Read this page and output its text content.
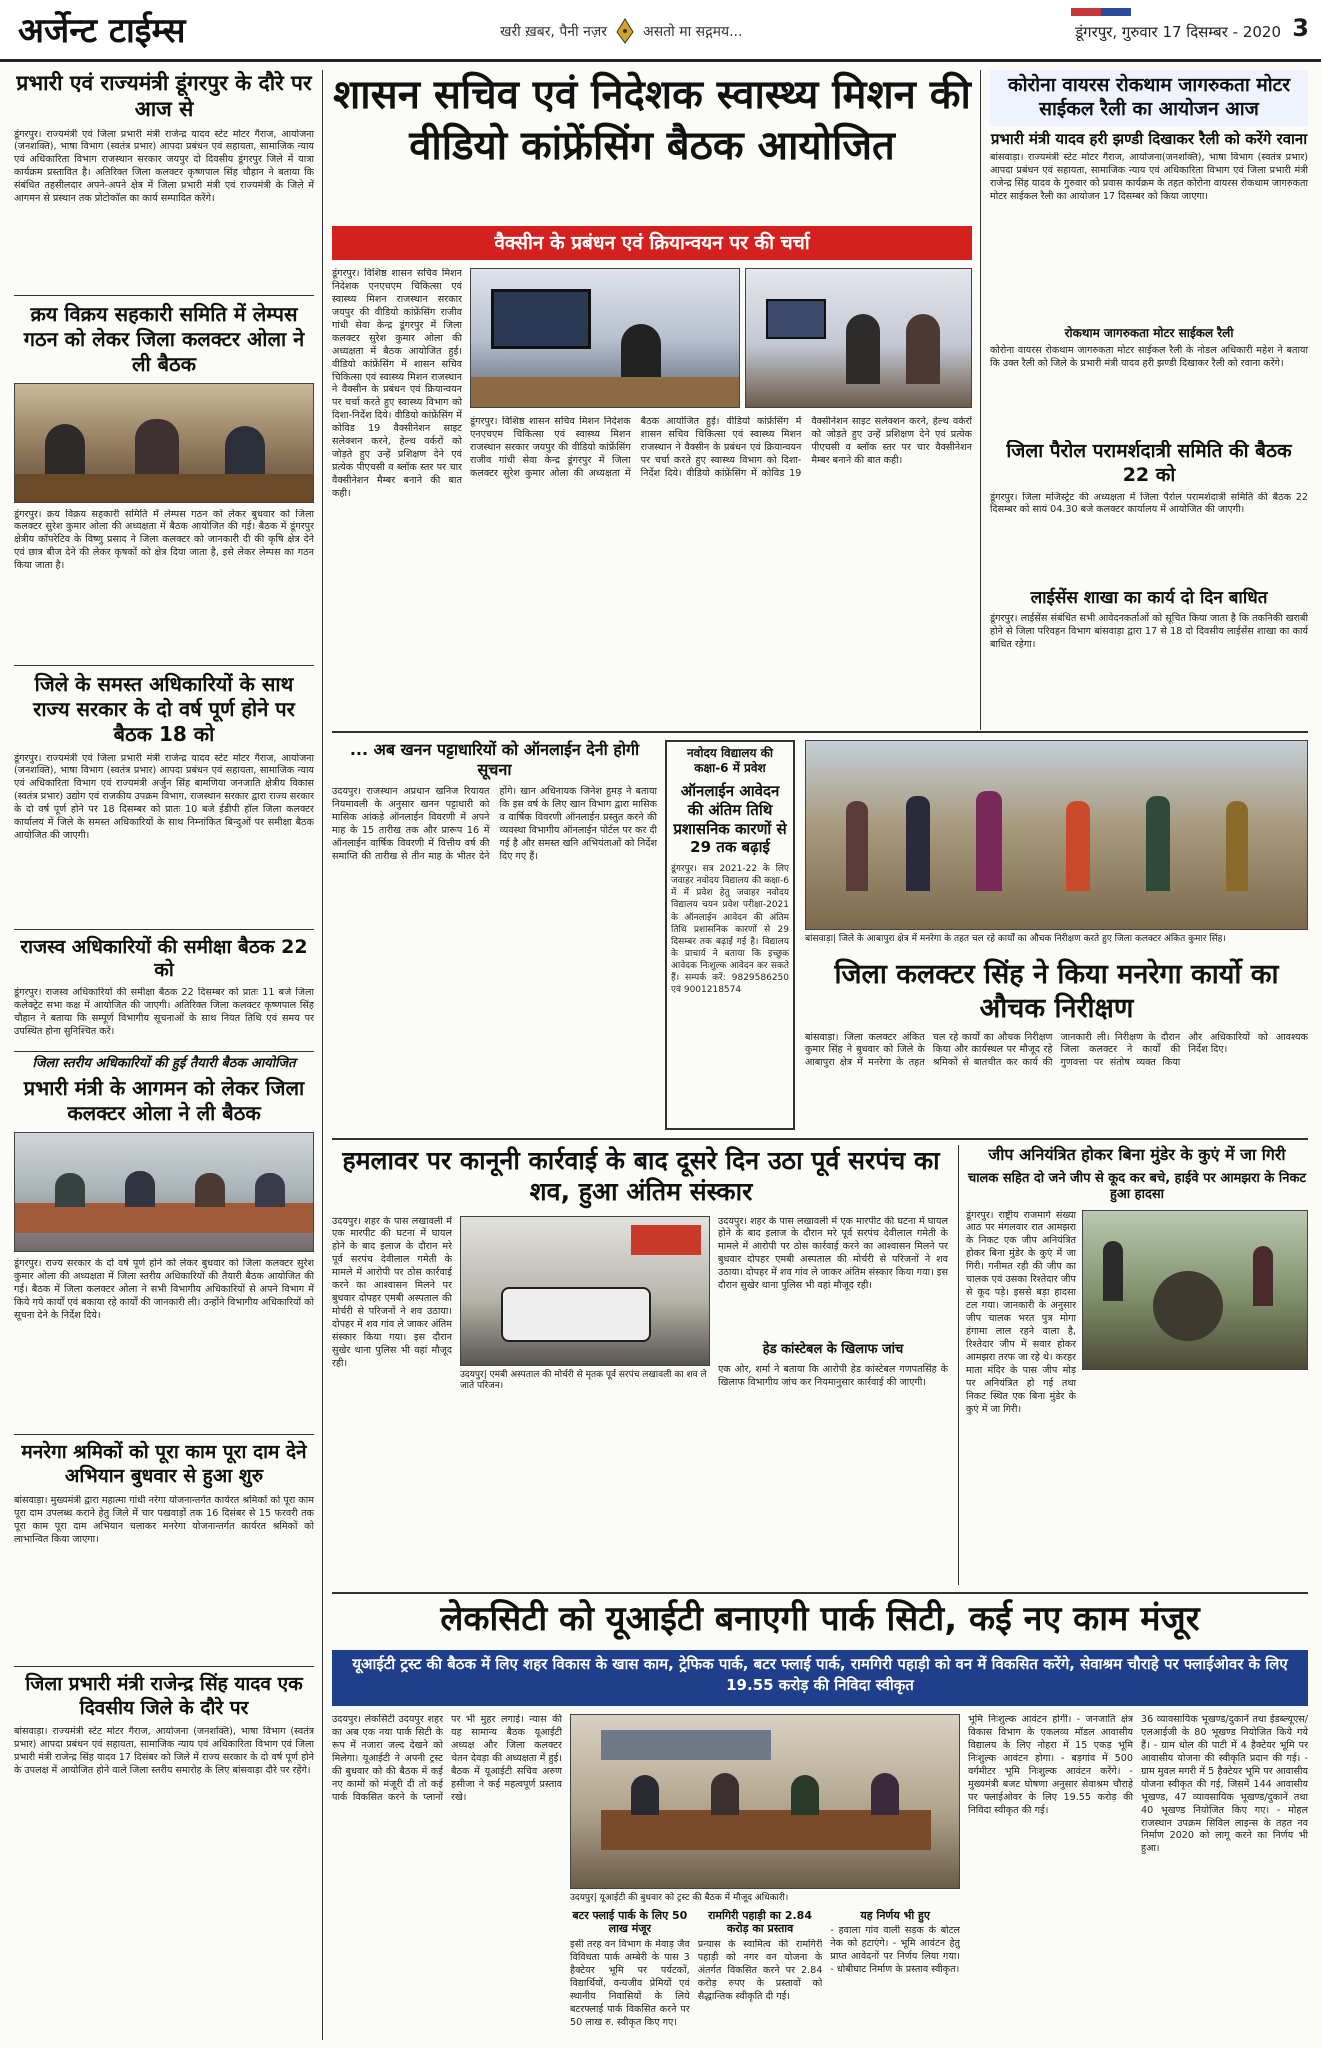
अर्जेन्ट टाईम्स	खरी ख़बर, पैनी नज़र	असतो मा सद्गमय...	डूंगरपुर, गुरुवार 17 दिसम्बर - 2020 3
प्रभारी एवं राज्यमंत्री डूंगरपुर के दौरे पर आज से
डूंगरपुर। राज्यमंत्री एवं जिला प्रभारी मंत्री राजेन्द्र यादव स्टेट मोटर गैराज, आयोजना (जनशक्ति), भाषा विभाग (स्वतंत्र प्रभार) आपदा प्रबंधन एवं सहायता, सामाजिक न्याय एवं अधिकारिता विभाग राजस्थान सरकार जयपुर दो दिवसीय डूंगरपुर जिले में यात्रा कार्यक्रम प्रस्तावित है। अतिरिक्त जिला कलक्टर कृष्णपाल सिंह चौहान ने बताया कि संबंधित तहसीलदार अपने-अपने क्षेत्र में जिला प्रभारी मंत्री एवं राज्यमंत्री के जिले में आगमन से प्रस्थान तक प्रोटोकॉल का कार्य सम्पादित करेंगे।
क्रय विक्रय सहकारी समिति में लेम्पस गठन को लेकर जिला कलक्टर ओला ने ली बैठक
डूंगरपुर। क्रय विक्रय सहकारी समिति में लेम्पस गठन को लेकर बुधवार को जिला कलक्टर सुरेश कुमार ओला की अध्यक्षता में बैठक आयोजित की गई। बैठक में डूंगरपुर क्षेत्रीय कॉपरेटिव के विष्णु प्रसाद ने जिला कलक्टर को जानकारी दी की कृषि क्षेत्र देने एवं छात्र बीज देने की लेकर कृषकों को क्षेत्र दिया जाता है, इसे लेकर लेम्पस का गठन किया जाता है।
जिले के समस्त अधिकारियों के साथ राज्य सरकार के दो वर्ष पूर्ण होने पर बैठक 18 को
डूंगरपुर। राज्यमंत्री एवं जिला प्रभारी मंत्री राजेन्द्र यादव स्टेट मोटर गैराज, आयोजना (जनशक्ति), भाषा विभाग (स्वतंत्र प्रभार) आपदा प्रबंधन एवं सहायता, सामाजिक न्याय एवं अधिकारिता विभाग एवं राज्यमंत्री अर्जुन सिंह बामणिया जनजाति क्षेत्रीय विकास (स्वतंत्र प्रभार) उद्योग एवं राजकीय उपक्रम विभाग, राजस्थान सरकार द्वारा राज्य सरकार के दो वर्ष पूर्ण होने पर 18 दिसम्बर को प्रातः 10 बजे ईडीपी हॉल जिला कलक्टर कार्यालय में जिले के समस्त अधिकारियों के साथ निम्नांकित बिन्दुओं पर समीक्षा बैठक आयोजित की जाएगी।
राजस्व अधिकारियों की समीक्षा बैठक 22 को
डूंगरपुर। राजस्व अधिकारियों की समीक्षा बैठक 22 दिसम्बर को प्रातः 11 बजे जिला कलेक्ट्रेट सभा कक्ष में आयोजित की जाएगी। अतिरिक्त जिला कलक्टर कृष्णपाल सिंह चौहान ने बताया कि सम्पूर्ण विभागीय सूचनाओं के साथ नियत तिथि एवं समय पर उपस्थित होना सुनिश्चित करें।
जिला स्तरीय अधिकारियों की हुई तैयारी बैठक आयोजित
प्रभारी मंत्री के आगमन को लेकर जिला कलक्टर ओला ने ली बैठक
डूंगरपुर। राज्य सरकार के दो वर्ष पूर्ण होने को लेकर बुधवार को जिला कलक्टर सुरेश कुमार ओला की अध्यक्षता में जिला स्तरीय अधिकारियों की तैयारी बैठक आयोजित की गई। बैठक में जिला कलक्टर ओला ने सभी विभागीय अधिकारियों से अपने विभाग में किये गये कार्यों एवं बकाया रहे कार्यों की जानकारी ली। उन्होंने विभागीय अधिकारियों को सूचना देने के निर्देश दिये।
मनरेगा श्रमिकों को पूरा काम पूरा दाम देने अभियान बुधवार से हुआ शुरु
बांसवाड़ा। मुख्यमंत्री द्वारा महात्मा गांधी नरेगा योजनान्तर्गत कार्यरत श्रमिकों को पूरा काम पूरा दाम उपलब्ध कराने हेतु जिले में चार पखवाड़ों तक 16 दिसंबर से 15 फरवरी तक पूरा काम पूरा दाम अभियान चलाकर मनरेगा योजनान्तर्गत कार्यरत श्रमिकों को लाभान्वित किया जाएगा।
जिला प्रभारी मंत्री राजेन्द्र सिंह यादव एक दिवसीय जिले के दौरे पर
बांसवाड़ा। राज्यमंत्री स्टेट मोटर गैराज, आयोजना (जनशक्ति), भाषा विभाग (स्वतंत्र प्रभार) आपदा प्रबंधन एवं सहायता, सामाजिक न्याय एवं अधिकारिता विभाग एवं जिला प्रभारी मंत्री राजेन्द्र सिंह यादव 17 दिसंबर को जिले में राज्य सरकार के दो वर्ष पूर्ण होने के उपलक्ष में आयोजित होने वाले जिला स्तरीय समारोह के लिए बांसवाड़ा दौरे पर रहेंगे।
शासन सचिव एवं निदेशक स्वास्थ्य मिशन की वीडियो कांफ्रेंसिंग बैठक आयोजित
वैक्सीन के प्रबंधन एवं क्रियान्वयन पर की चर्चा
डूंगरपुर। विशिष्ठ शासन सचिव मिशन निदेशक एनएचएम चिकित्सा एवं स्वास्थ्य मिशन राजस्थान सरकार जयपुर की वीडियो कांफ्रेंसिंग राजीव गांधी सेवा केन्द्र डूंगरपुर में जिला कलक्टर सुरेश कुमार ओला की अध्यक्षता में बैठक आयोजित हुई। वीडियो कांफ्रेंसिंग में शासन सचिव चिकित्सा एवं स्वास्थ्य मिशन राजस्थान ने वैक्सीन के प्रबंधन एवं क्रियान्वयन पर चर्चा करते हुए स्वास्थ्य विभाग को दिशा-निर्देश दिये। वीडियो कांफ्रेंसिंग में कोविड 19 वैक्सीनेशन साइट सलेक्शन करने, हेल्थ वर्करों को जोड़ते हुए उन्हें प्रशिक्षण देने एवं प्रत्येक पीएचसी व ब्लॉक स्तर पर चार वैक्सीनेशन मैम्बर बनाने की बात कही।
डूंगरपुर। विशिष्ठ शासन सचिव मिशन निदेशक एनएचएम चिकित्सा एवं स्वास्थ्य मिशन राजस्थान सरकार जयपुर की वीडियो कांफ्रेंसिंग राजीव गांधी सेवा केन्द्र डूंगरपुर में जिला कलक्टर सुरेश कुमार ओला की अध्यक्षता में बैठक आयोजित हुई। वीडियो कांफ्रेंसिंग में शासन सचिव चिकित्सा एवं स्वास्थ्य मिशन राजस्थान ने वैक्सीन के प्रबंधन एवं क्रियान्वयन पर चर्चा करते हुए स्वास्थ्य विभाग को दिशा-निर्देश दिये। वीडियो कांफ्रेंसिंग में कोविड 19 वैक्सीनेशन साइट सलेक्शन करने, हेल्थ वर्करों को जोड़ते हुए उन्हें प्रशिक्षण देने एवं प्रत्येक पीएचसी व ब्लॉक स्तर पर चार वैक्सीनेशन मैम्बर बनाने की बात कही।
कोरोना वायरस रोकथाम जागरुकता मोटर साईकल रैली का आयोजन आज
प्रभारी मंत्री यादव हरी झण्डी दिखाकर रैली को करेंगे रवाना
बांसवाड़ा। राज्यमंत्री स्टेट मोटर गैराज, आयोजना(जनशक्ति), भाषा विभाग (स्वतंत्र प्रभार) आपदा प्रबंधन एवं सहायता, सामाजिक न्याय एवं अधिकारिता विभाग एवं जिला प्रभारी मंत्री राजेन्द्र सिंह यादव के गुरुवार को प्रवास कार्यक्रम के तहत कोरोना वायरस रोकथाम जागरुकता मोटर साईकल रैली का आयोजन 17 दिसम्बर को किया जाएगा।
रोकथाम जागरुकता मोटर साईकल रैली
कोरोना वायरस रोकथाम जागरुकता मोटर साईकल रैली के नोडल अधिकारी महेश ने बताया कि उक्त रैली को जिले के प्रभारी मंत्री यादव हरी झण्डी दिखाकर रैली को रवाना करेंगे।
जिला पैरोल परामर्शदात्री समिति की बैठक 22 को
डूंगरपुर। जिला मजिस्ट्रेट की अध्यक्षता में जिला पैरोल परामर्शदात्री समिति की बैठक 22 दिसम्बर को सायं 04.30 बजे कलक्टर कार्यालय में आयोजित की जाएगी।
लाईसेंस शाखा का कार्य दो दिन बाधित
डूंगरपुर। लाईसेंस संबंधित सभी आवेदनकर्ताओं को सूचित किया जाता है कि तकनिकी खराबी होने से जिला परिवहन विभाग बांसवाड़ा द्वारा 17 से 18 दो दिवसीय लाईसेंस शाखा का कार्य बाधित रहेगा।
... अब खनन पट्टाधारियों को ऑनलाईन देनी होगी सूचना
उदयपुर। राजस्थान अप्रधान खनिज रियायत नियमावली के अनुसार खनन पट्टाधारी को मासिक आंकड़े ऑनलाईन विवरणी में अपने माह के 15 तारीख तक और प्रारूप 16 में ऑनलाईन वार्षिक विवरणी में वित्तीय वर्ष की समाप्ति की तारीख से तीन माह के भीतर देने होंगे। खान अधिनायक जिनेश हुमड़ ने बताया कि इस वर्ष के लिए खान विभाग द्वारा मासिक व वार्षिक विवरणी ऑनलाईन प्रस्तुत करने की व्यवस्था विभागीय ऑनलाईन पोर्टल पर कर दी गई है और समस्त खनि अभियंताओं को निर्देश दिए गए हैं।
नवोदय विद्यालय की कक्षा-6 में प्रवेश
ऑनलाईन आवेदन की अंतिम तिथि प्रशासनिक कारणों से 29 तक बढ़ाई
डूंगरपुर। सत्र 2021-22 के लिए जवाहर नवोदय विद्यालय की कक्षा-6 में में प्रवेश हेतु जवाहर नवोदय विद्यालय चयन प्रवेश परीक्षा-2021 के ऑनलाईन आवेदन की अंतिम तिथि प्रशासनिक कारणों से 29 दिसम्बर तक बढ़ाई गई है। विद्यालय के प्राचार्य ने बताया कि इच्छुक आवेदक निःशुल्क आवेदन कर सकते हैं। सम्पर्क करें: 9829586250 एवं 9001218574
बांसवाड़ा| जिले के आबापुरा क्षेत्र में मनरेगा के तहत चल रहे कार्यों का औचक निरीक्षण करते हुए जिला कलक्टर अंकित कुमार सिंह।
जिला कलक्टर सिंह ने किया मनरेगा कार्यो का औचक निरीक्षण
बांसवाड़ा। जिला कलक्टर अंकित कुमार सिंह ने बुधवार को जिले के आबापुरा क्षेत्र में मनरेगा के तहत चल रहे कार्यों का औचक निरीक्षण किया और कार्यस्थल पर मौजूद रहे श्रमिकों से बातचीत कर कार्य की जानकारी ली। निरीक्षण के दौरान जिला कलक्टर ने कार्यों की गुणवत्ता पर संतोष व्यक्त किया और अधिकारियों को आवश्यक निर्देश दिए।
हमलावर पर कानूनी कार्रवाई के बाद दूसरे दिन उठा पूर्व सरपंच का शव, हुआ अंतिम संस्कार
उदयपुर। शहर के पास लखावली में एक मारपीट की घटना में घायल होने के बाद इलाज के दौरान मरे पूर्व सरपंच देवीलाल गमेती के मामले में आरोपी पर ठोस कार्रवाई करने का आश्वासन मिलने पर बुधवार दोपहर एमबी अस्पताल की मोर्चरी से परिजनों ने शव उठाया। दोपहर में शव गांव ले जाकर अंतिम संस्कार किया गया। इस दौरान सुखेर थाना पुलिस भी वहां मौजूद रही।
उदयपुर| एमबी अस्पताल की मोर्चरी से मृतक पूर्व सरपंच लखावली का शव ले जाते परिजन।
उदयपुर। शहर के पास लखावली में एक मारपीट की घटना में घायल होने के बाद इलाज के दौरान मरे पूर्व सरपंच देवीलाल गमेती के मामले में आरोपी पर ठोस कार्रवाई करने का आश्वासन मिलने पर बुधवार दोपहर एमबी अस्पताल की मोर्चरी से परिजनों ने शव उठाया। दोपहर में शव गांव ले जाकर अंतिम संस्कार किया गया। इस दौरान सुखेर थाना पुलिस भी वहां मौजूद रही।
हेड कांस्टेबल के खिलाफ जांच
एक ओर, शर्मा ने बताया कि आरोपी हेड कांस्टेबल गणपतसिंह के खिलाफ विभागीय जांच कर नियमानुसार कार्रवाई की जाएगी।
जीप अनियंत्रित होकर बिना मुंडेर के कुएं में जा गिरी
चालक सहित दो जने जीप से कूद कर बचे, हाईवे पर आमझरा के निकट हुआ हादसा
डूंगरपुर। राष्ट्रीय राजमार्ग संख्या आठ पर मंगलवार रात आमझरा के निकट एक जीप अनियंत्रित होकर बिना मुंडेर के कुएं में जा गिरी। गनीमत रही की जीप का चालक एवं उसका रिश्तेदार जीप से कूद पड़े। इससे बड़ा हादसा टल गया। जानकारी के अनुसार जीप चालक भरत पुत्र मोगा हंगामा लाल रहने वाला है, रिश्तेदार जीप में सवार होकर आमझरा तरफ जा रहे थे। करहर माता मंदिर के पास जीप मोड़ पर अनियंत्रित हो गई तथा निकट स्थित एक बिना मुंडेर के कुएं में जा गिरी।
लेकसिटी को यूआईटी बनाएगी पार्क सिटी, कई नए काम मंजूर
यूआईटी ट्रस्ट की बैठक में लिए शहर विकास के खास काम, ट्रेफिक पार्क, बटर फ्लाई पार्क, रामगिरी पहाड़ी को वन में विकसित करेंगे, सेवाश्रम चौराहे पर फ्लाईओवर के लिए 19.55 करोड़ की निविदा स्वीकृत
उदयपुर। लेकसिटी उदयपुर शहर का अब एक नया पार्क सिटी के रूप में नजारा जल्द देखने को मिलेगा। यूआईटी ने अपनी ट्रस्ट की बुधवार को की बैठक में कई नए कामों को मंजूरी दी तो कई पार्क विकसित करने के प्लानों पर भी मुहर लगाई। न्यास की यह सामान्य बैठक यूआईटी अध्यक्ष और जिला कलक्टर चेतन देवड़ा की अध्यक्षता में हुई। बैठक में यूआईटी सचिव अरुण हसीजा ने कई महत्वपूर्ण प्रस्ताव रखे।
उदयपुर| यूआईटी की बुधवार को ट्रस्ट की बैठक में मौजूद अधिकारी।
बटर फ्लाई पार्क के लिए 50 लाख मंजूर
इसी तरह वन विभाग के मेवाड़ जैव विविधता पार्क अम्बेरी के पास 3 हैक्टेयर भूमि पर पर्यटकों, विद्यार्थियों, वन्यजीव प्रेमियों एवं स्थानीय निवासियों के लिये बटरफ्लाई पार्क विकसित करने पर 50 लाख रु. स्वीकृत किए गए।
रामगिरी पहाड़ी का 2.84 करोड़ का प्रस्ताव
प्रन्यास के स्वामित्व की रामगिरी पहाड़ी को नगर वन योजना के अंतर्गत विकसित करने पर 2.84 करोड़ रुपए के प्रस्तावों को सैद्धान्तिक स्वीकृति दी गई।
यह निर्णय भी हुए
- हवाला गांव वाली सड़क के बोटल नेक को हटाएंगे। - भूमि आवंटन हेतु प्राप्त आवेदनों पर निर्णय लिया गया। - धोबीघाट निर्माण के प्रस्ताव स्वीकृत।
भूमि निःशुल्क आवंटन होगी। - जनजाति क्षेत्र विकास विभाग के एकलव्य मॉडल आवासीय विद्यालय के लिए नोहरा में 15 एकड़ भूमि निःशुल्क आवंटन होगा। - बड़गांव में 500 वर्गमीटर भूमि निःशुल्क आवंटन करेंगे। - मुख्यमंत्री बजट घोषणा अनुसार सेवाश्रम चौराहे पर फ्लाईओवर के लिए 19.55 करोड़ की निविदा स्वीकृत की गई।
36 व्यावसायिक भूखण्ड/दुकानें तथा ईडब्ल्यूएस/एलआईजी के 80 भूखण्ड नियोजित किये गये हैं। - ग्राम धोल की पाटी में 4 हैक्टेयर भूमि पर आवासीय योजना की स्वीकृति प्रदान की गई। - ग्राम मुवल मगरी में 5 हैक्टेयर भूमि पर आवासीय योजना स्वीकृत की गई, जिसमें 144 आवासीय भूखण्ड, 47 व्यावसायिक भूखण्ड/दुकानें तथा 40 भूखण्ड नियोजित किए गए। - मोहल राजस्थान उपक्रम सिविल लाइन्स के तहत नव निर्माण 2020 को लागू करने का निर्णय भी हुआ।
